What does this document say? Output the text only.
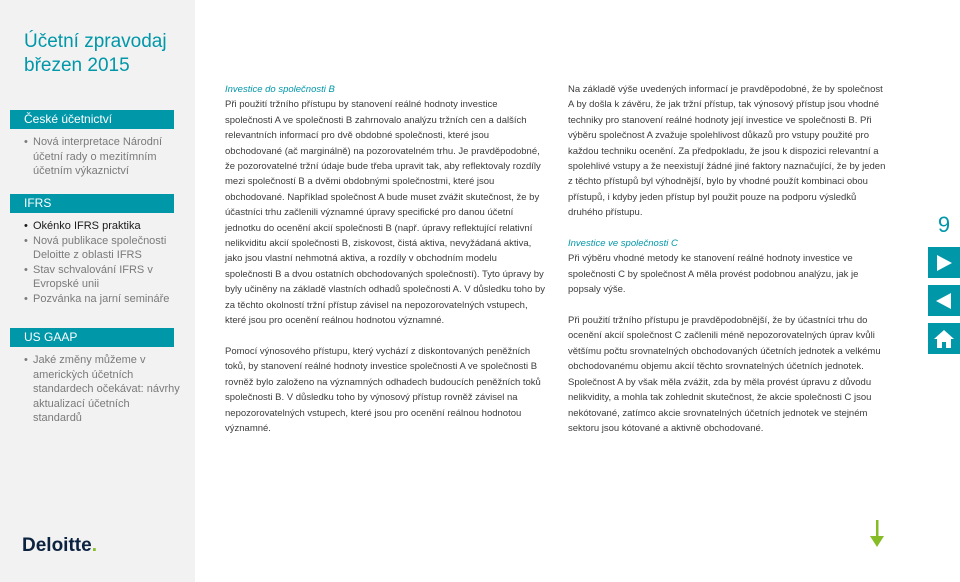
Účetní zpravodaj
březen 2015
České účetnictví
• Nová interpretace Národní účetní rady o mezitímním účetním výkaznictví
IFRS
• Okénko IFRS praktika
• Nová publikace společnosti Deloitte z oblasti IFRS
• Stav schvalování IFRS v Evropské unii
• Pozvánka na jarní semináře
US GAAP
• Jaké změny můžeme v americkỳch účetních standardech očekávat: návrhy aktualizací účetních standardů
Deloitte.

Investice do společnosti B

Při použití tržního přístupu by stanovení reálné hodnoty investice společnosti A ve společnosti B zahrnovalo analýzu tržních cen a dalších relevantních informací pro dvě obdobné společnosti, které jsou obchodované (ač marginálně) na pozorovatelném trhu. Je pravděpodobné, že pozorovatelné tržní údaje bude třeba upravit tak, aby reflektovaly rozdíly mezi společností B a dvěmi obdobnými společnostmi, které jsou obchodované. Například společnost A bude muset zvážit skutečnost, že by účastníci trhu začlenili významné úpravy specifické pro danou účetní jednotku do ocenění akcií společnosti B (např. úpravy reflektující relativní nelikviditu akcií společnosti B, ziskovost, čistá aktiva, nevyžádaná aktiva, jako jsou vlastní nehmotná aktiva, a rozdíly v obchodním modelu společnosti B a dvou ostatních obchodovaných společností). Tyto úpravy by byly učiněny na základě vlastních odhadů společnosti A. V důsledku toho by za těchto okolností tržní přístup závisel na nepozorovatelných vstupech, které jsou pro ocenění reálnou hodnotou významné.

Pomocí výnosového přístupu, který vychází z diskontovaných peněžních toků, by stanovení reálné hodnoty investice společnosti A ve společnosti B rovněž bylo založeno na významných odhadech budoucích peněžních toků společnosti B. V důsledku toho by výnosový přístup rovněž závisel na nepozorovatelných vstupech, které jsou pro ocenění reálnou hodnotou významné.

Na základě výše uvedených informací je pravděpodobné, že by společnost A by došla k závěru, že jak tržní přístup, tak výnosový přístup jsou vhodné techniky pro stanovení reálné hodnoty její investice ve společnosti B. Při výběru společnost A zvažuje spolehlivost důkazů pro vstupy použité pro každou techniku ocenění. Za předpokladu, že jsou k dispozici relevantní a spolehlivé vstupy a že neexistují žádné jiné faktory naznačující, že by jeden z těchto přístupů byl výhodnější, bylo by vhodné použít kombinaci obou přístupů, i kdyby jeden přístup byl použit pouze na podporu výsledků druhého přístupu.

Investice ve společnosti C

Při výběru vhodné metody ke stanovení reálné hodnoty investice ve společnosti C by společnost A měla provést podobnou analýzu, jak je popsaly výše.

Při použití tržního přístupu je pravděpodobnější, že by účastníci trhu do ocenění akcií společnost C začlenili méně nepozorovatelných úprav kvůli většímu počtu srovnatelných obchodovaných účetních jednotek a velkému obchodovanému objemu akcií těchto srovnatelných účetních jednotek. Společnost A by však měla zvážit, zda by měla provést úpravu z důvodu nelikvidity, a mohla tak zohlednit skutečnost, že akcie společnosti C jsou nekótované, zatímco akcie srovnatelných účetních jednotek ve stejném sektoru jsou kótované a aktivně obchodované.

9
